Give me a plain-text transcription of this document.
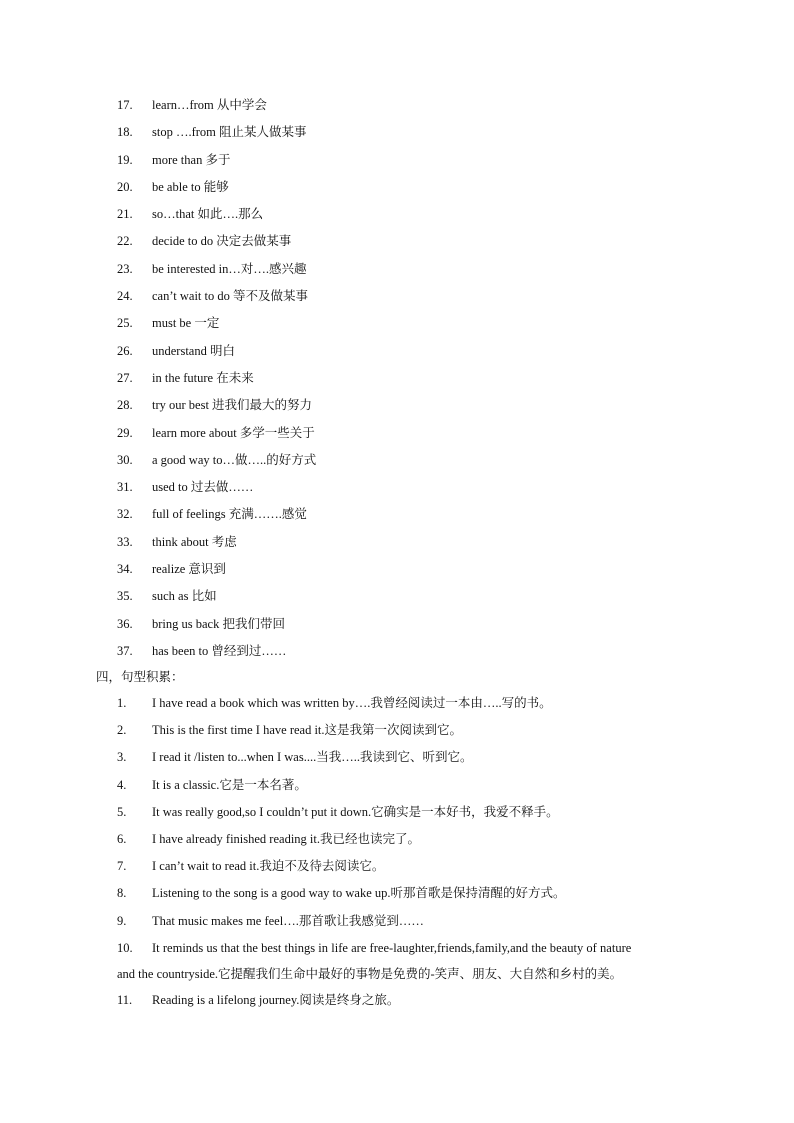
17. learn…from 从中学会
18. stop ….from 阻止某人做某事
19. more than 多于
20. be able to 能够
21. so…that 如此….那么
22. decide to do 决定去做某事
23. be interested in…对….感兴趣
24. can’t wait to do 等不及做某事
25. must be 一定
26. understand 明白
27. in the future 在未来
28. try our best 进我们最大的努力
29. learn more about 多学一些关于
30. a good way to…做…..的好方式
31. used to 过去做……
32. full of feelings 充满…….感觉
33. think about 考虑
34. realize 意识到
35. such as 比如
36. bring us back 把我们带回
37. has been to 曾经到过……
四，句型积累：
1. I have read a book which was written by….我曾经阅读过一本由…..写的书。
2. This is the first time I have read it.这是我第一次阅读到它。
3. I read it /listen to...when I was....当我…..我读到它、听到它。
4. It is a classic.它是一本名著。
5. It was really good,so I couldn’t put it down.它确实是一本好书，我爱不释手。
6. I have already finished reading it.我已经也读完了。
7. I can’t wait to read it.我迫不及待去阅读它。
8. Listening to the song is a good way to wake up.听那首歌是保持清醒的好方式。
9. That music makes me feel….那首歌让我感觉到……
10. It reminds us that the best things in life are free-laughter,friends,family,and the beauty of nature
and the countryside.它提醒我们生命中最好的事物是免费的-笑声、朋友、大自然和乡村的美。
11. Reading is a lifelong journey.阅读是终身之旅。
